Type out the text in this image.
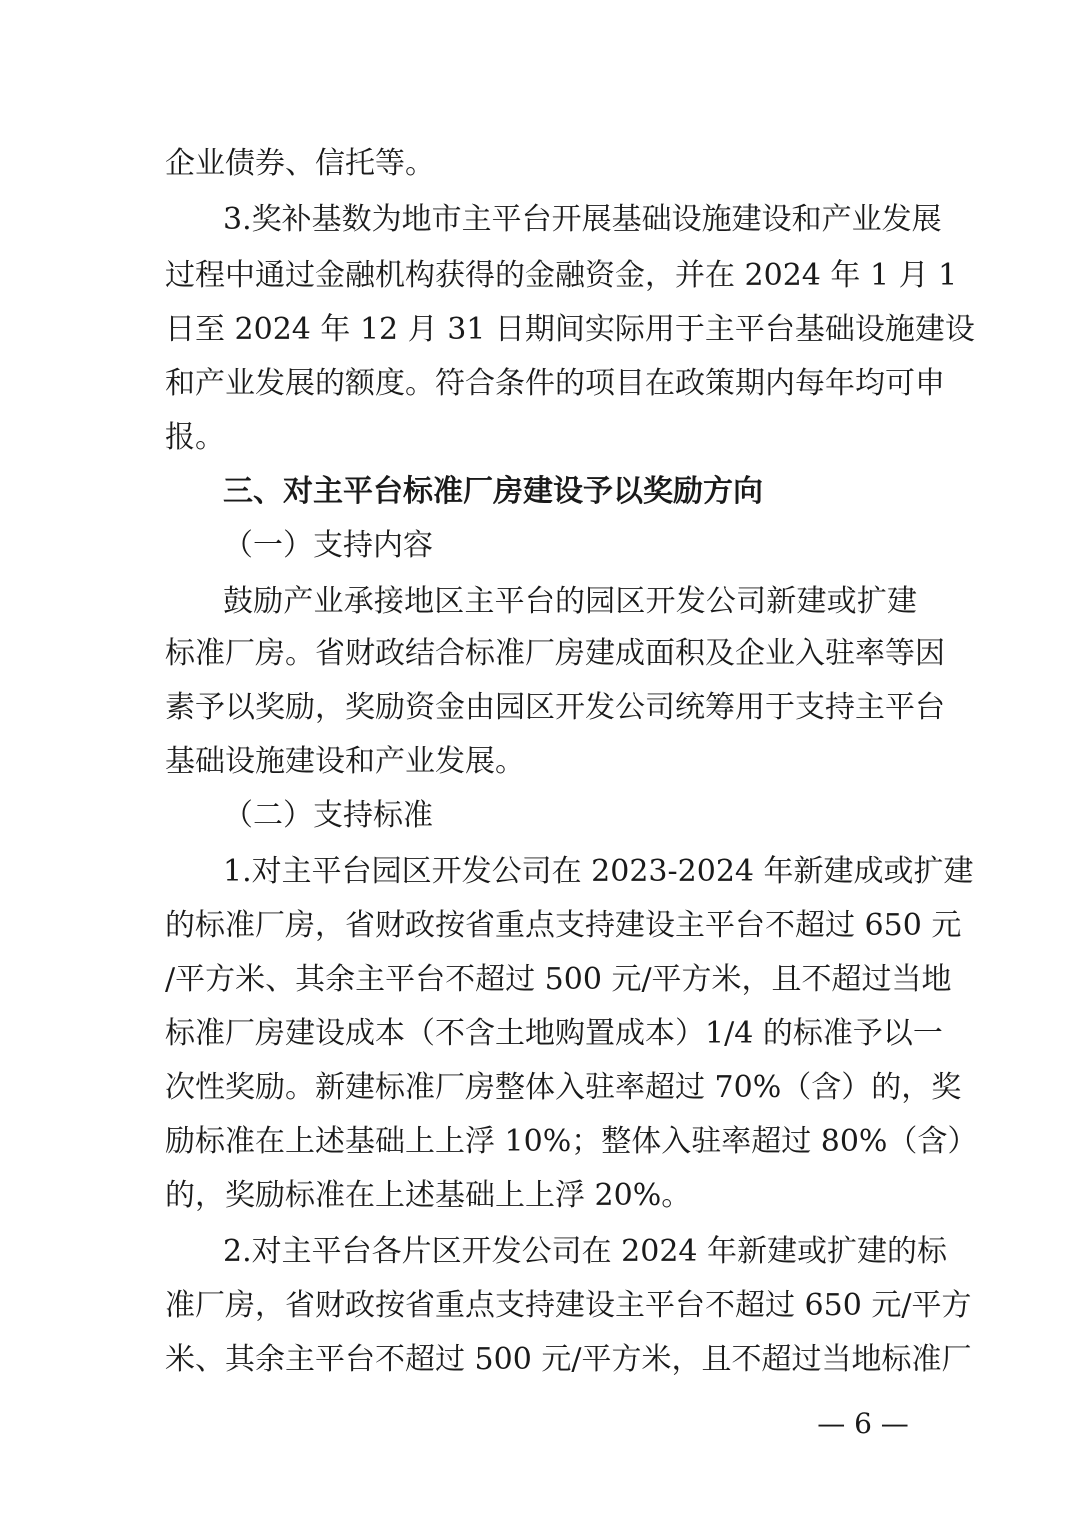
企业债券、信托等。
3.奖补基数为地市主平台开展基础设施建设和产业发展
过程中通过金融机构获得的金融资金，并在 2024 年 1 月 1
日至 2024 年 12 月 31 日期间实际用于主平台基础设施建设
和产业发展的额度。符合条件的项目在政策期内每年均可申
报。
三、对主平台标准厂房建设予以奖励方向
（一）支持内容
鼓励产业承接地区主平台的园区开发公司新建或扩建
标准厂房。省财政结合标准厂房建成面积及企业入驻率等因
素予以奖励，奖励资金由园区开发公司统筹用于支持主平台
基础设施建设和产业发展。
（二）支持标准
1.对主平台园区开发公司在 2023-2024 年新建成或扩建
的标准厂房，省财政按省重点支持建设主平台不超过 650 元
/平方米、其余主平台不超过 500 元/平方米，且不超过当地
标准厂房建设成本（不含土地购置成本）1/4 的标准予以一
次性奖励。新建标准厂房整体入驻率超过 70%（含）的，奖
励标准在上述基础上上浮 10%；整体入驻率超过 80%（含）
的，奖励标准在上述基础上上浮 20%。
2.对主平台各片区开发公司在 2024 年新建或扩建的标
准厂房，省财政按省重点支持建设主平台不超过 650 元/平方
米、其余主平台不超过 500 元/平方米，且不超过当地标准厂
— 6 —
